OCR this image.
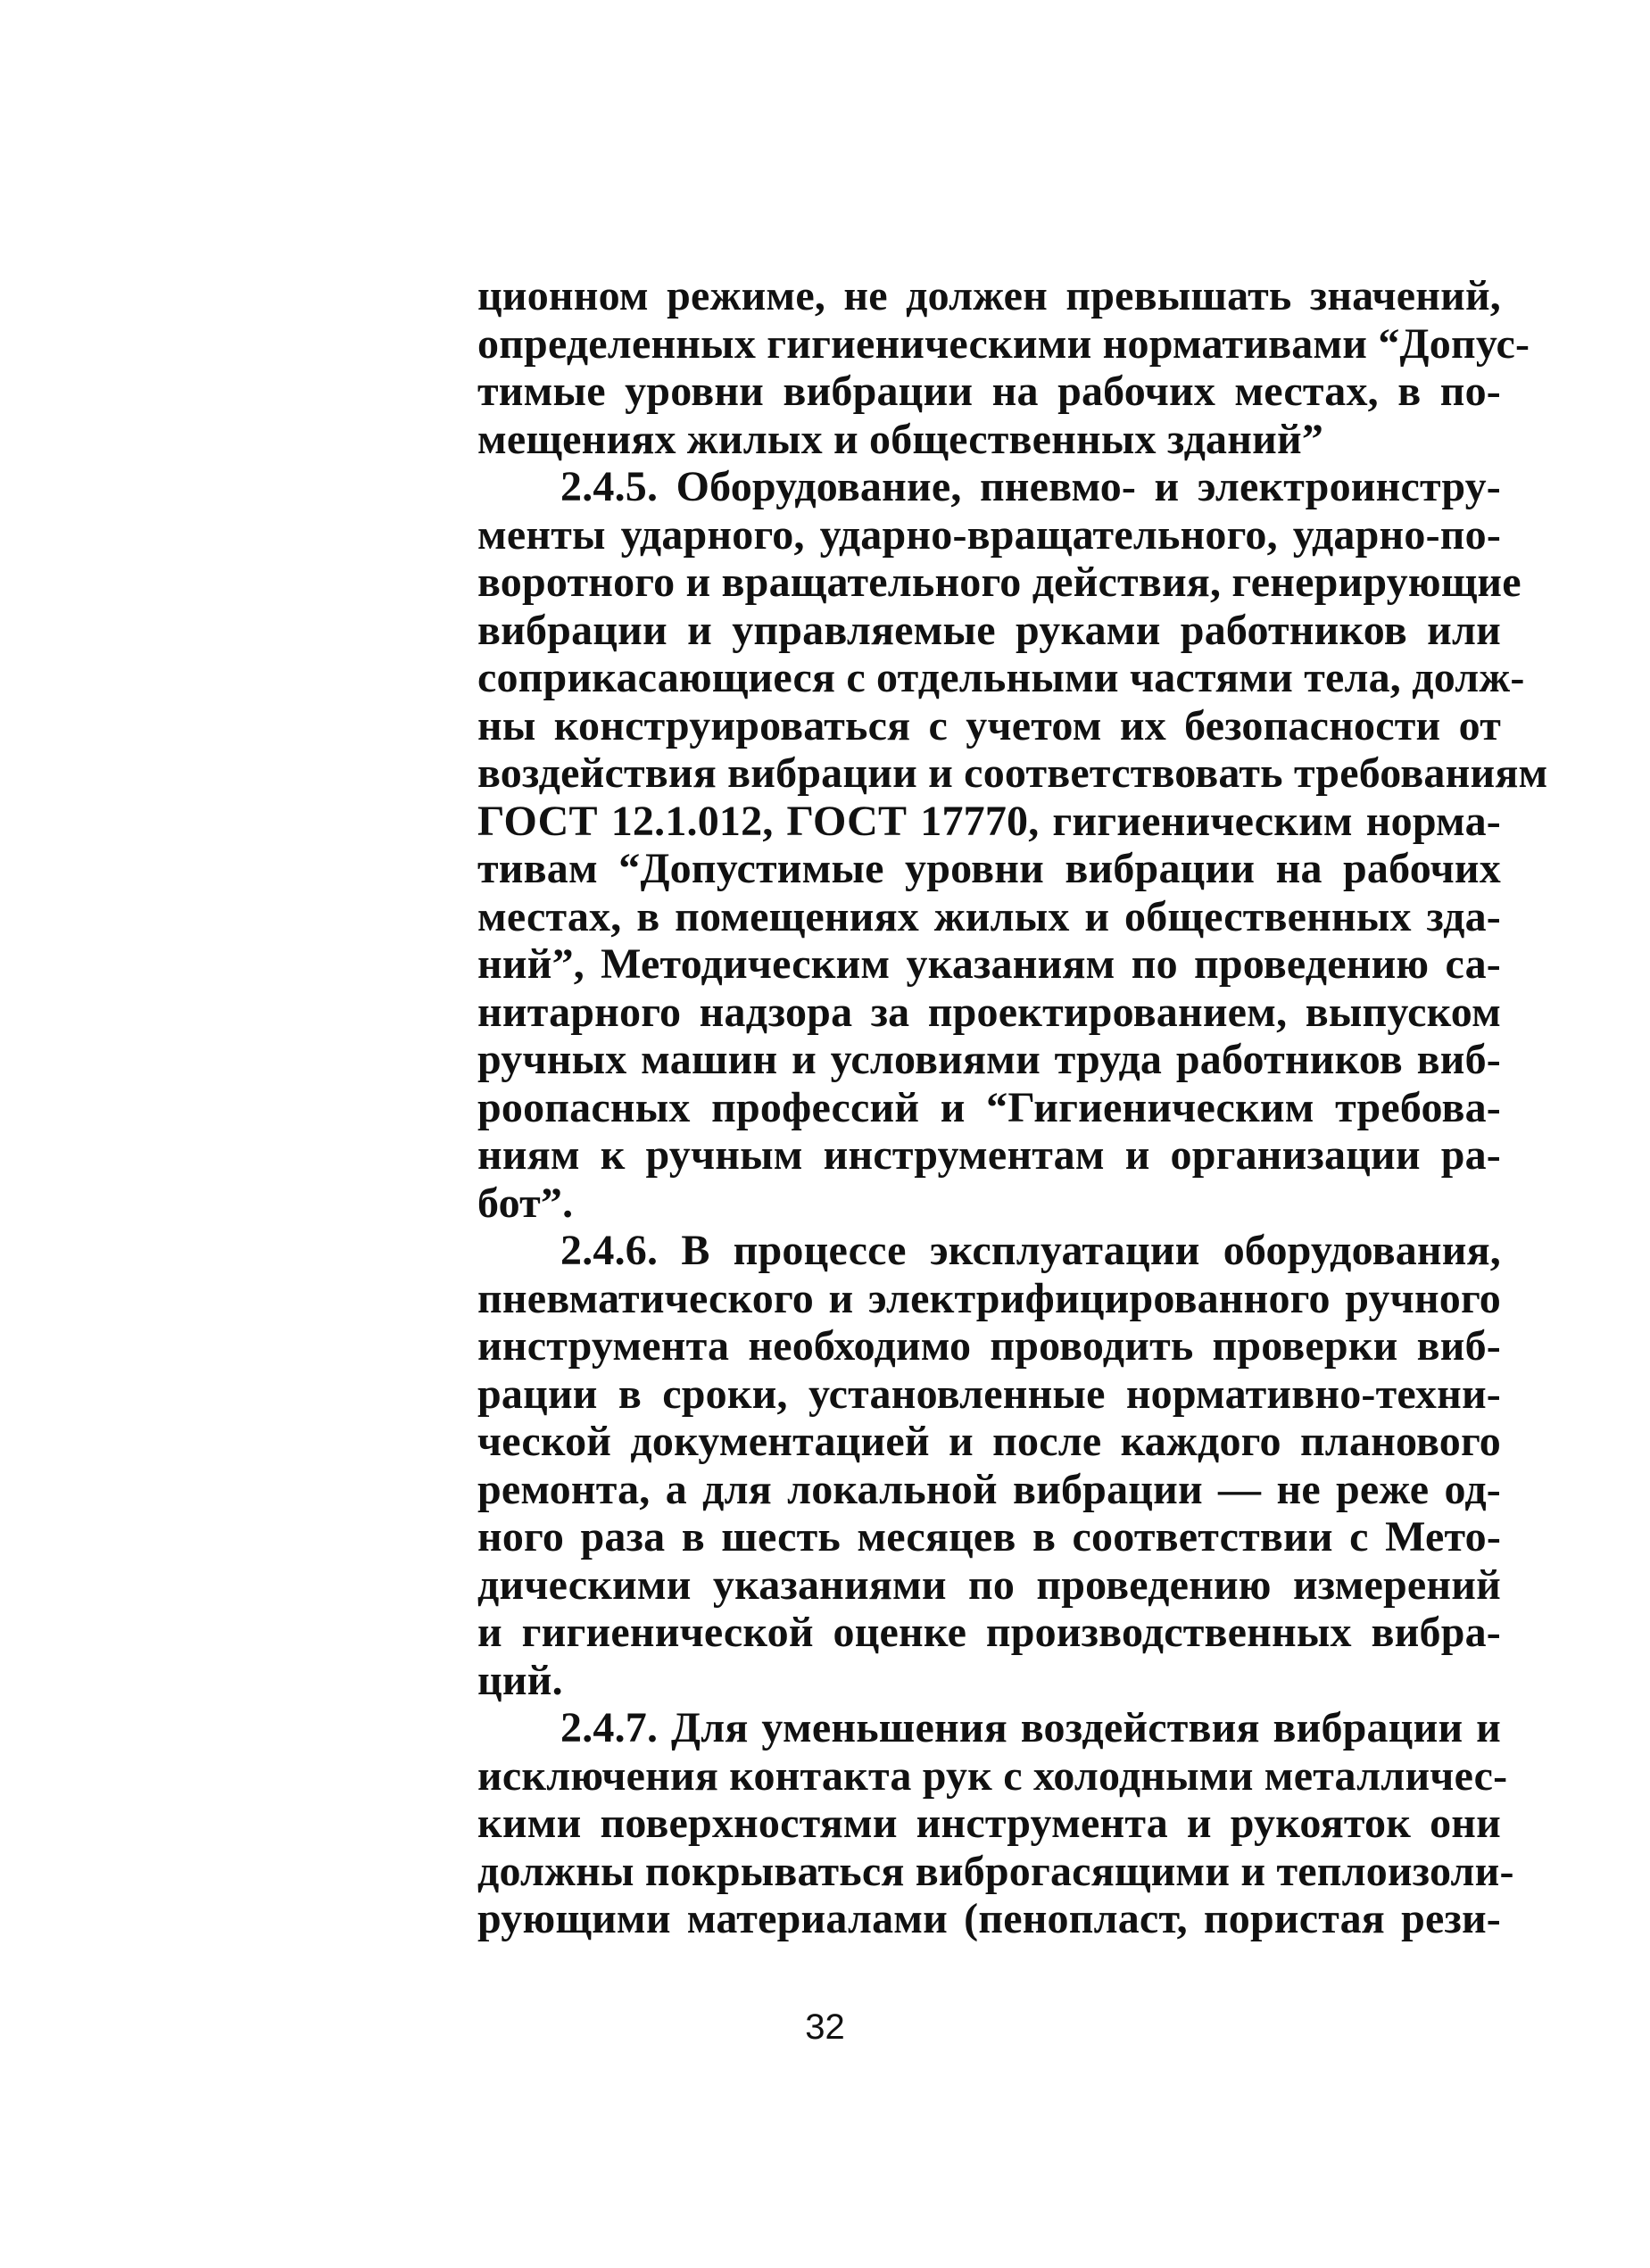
ционном режиме, не должен превышать значений,
определенных гигиеническими нормативами “Допус-
тимые уровни вибрации на рабочих местах, в по-
мещениях жилых и общественных зданий”
2.4.5. Оборудование, пневмо- и электроинстру-
менты ударного, ударно-вращательного, ударно-по-
воротного и вращательного действия, генерирующие
вибрации и управляемые руками работников или
соприкасающиеся с отдельными частями тела, долж-
ны конструироваться с учетом их безопасности от
воздействия вибрации и соответствовать требованиям
ГОСТ 12.1.012, ГОСТ 17770, гигиеническим норма-
тивам “Допустимые уровни вибрации на рабочих
местах, в помещениях жилых и общественных зда-
ний”, Методическим указаниям по проведению са-
нитарного надзора за проектированием, выпуском
ручных машин и условиями труда работников виб-
роопасных профессий и “Гигиеническим требова-
ниям к ручным инструментам и организации ра-
бот”.
2.4.6. В процессе эксплуатации оборудования,
пневматического и электрифицированного ручного
инструмента необходимо проводить проверки виб-
рации в сроки, установленные нормативно-техни-
ческой документацией и после каждого планового
ремонта, а для локальной вибрации — не реже од-
ного раза в шесть месяцев в соответствии с Мето-
дическими указаниями по проведению измерений
и гигиенической оценке производственных вибра-
ций.
2.4.7. Для уменьшения воздействия вибрации и
исключения контакта рук с холодными металличес-
кими поверхностями инструмента и рукояток они
должны покрываться виброгасящими и теплоизоли-
рующими материалами (пенопласт, пористая рези-
32
